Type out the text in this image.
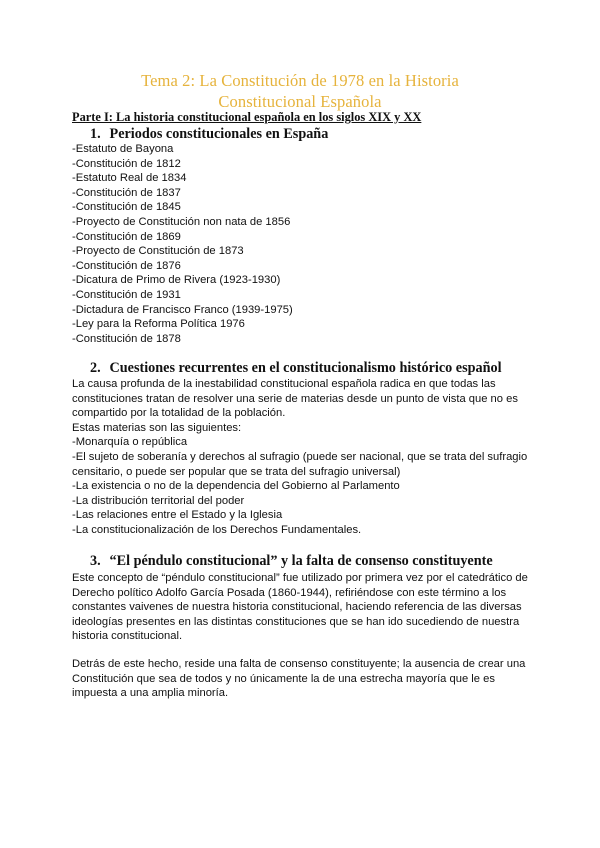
Tema 2: La Constitución de 1978 en la Historia
Constitucional Española
Parte I: La historia constitucional española en los siglos XIX y XX
1. Periodos constitucionales en España
-Estatuto de Bayona
-Constitución de 1812
-Estatuto Real de 1834
-Constitución de 1837
-Constitución de 1845
-Proyecto de Constitución non nata de 1856
-Constitución de 1869
-Proyecto de Constitución de 1873
-Constitución de 1876
-Dicatura de Primo de Rivera (1923-1930)
-Constitución de 1931
-Dictadura de Francisco Franco (1939-1975)
-Ley para la Reforma Política 1976
-Constitución de 1878
2. Cuestiones recurrentes en el constitucionalismo histórico español
La causa profunda de la inestabilidad constitucional española radica en que todas las
constituciones tratan de resolver una serie de materias desde un punto de vista que no es
compartido por la totalidad de la población.
Estas materias son las siguientes:
-Monarquía o república
-El sujeto de soberanía y derechos al sufragio (puede ser nacional, que se trata del sufragio
censitario, o puede ser popular que se trata del sufragio universal)
-La existencia o no de la dependencia del Gobierno al Parlamento
-La distribución territorial del poder
-Las relaciones entre el Estado y la Iglesia
-La constitucionalización de los Derechos Fundamentales.
3. “El péndulo constitucional” y la falta de consenso constituyente
Este concepto de “péndulo constitucional” fue utilizado por primera vez por el catedrático de
Derecho político Adolfo García Posada (1860-1944), refiriéndose con este término a los
constantes vaivenes de nuestra historia constitucional, haciendo referencia de las diversas
ideologías presentes en las distintas constituciones que se han ido sucediendo de nuestra
historia constitucional.
Detrás de este hecho, reside una falta de consenso constituyente; la ausencia de crear una
Constitución que sea de todos y no únicamente la de una estrecha mayoría que le es
impuesta a una amplia minoría.
